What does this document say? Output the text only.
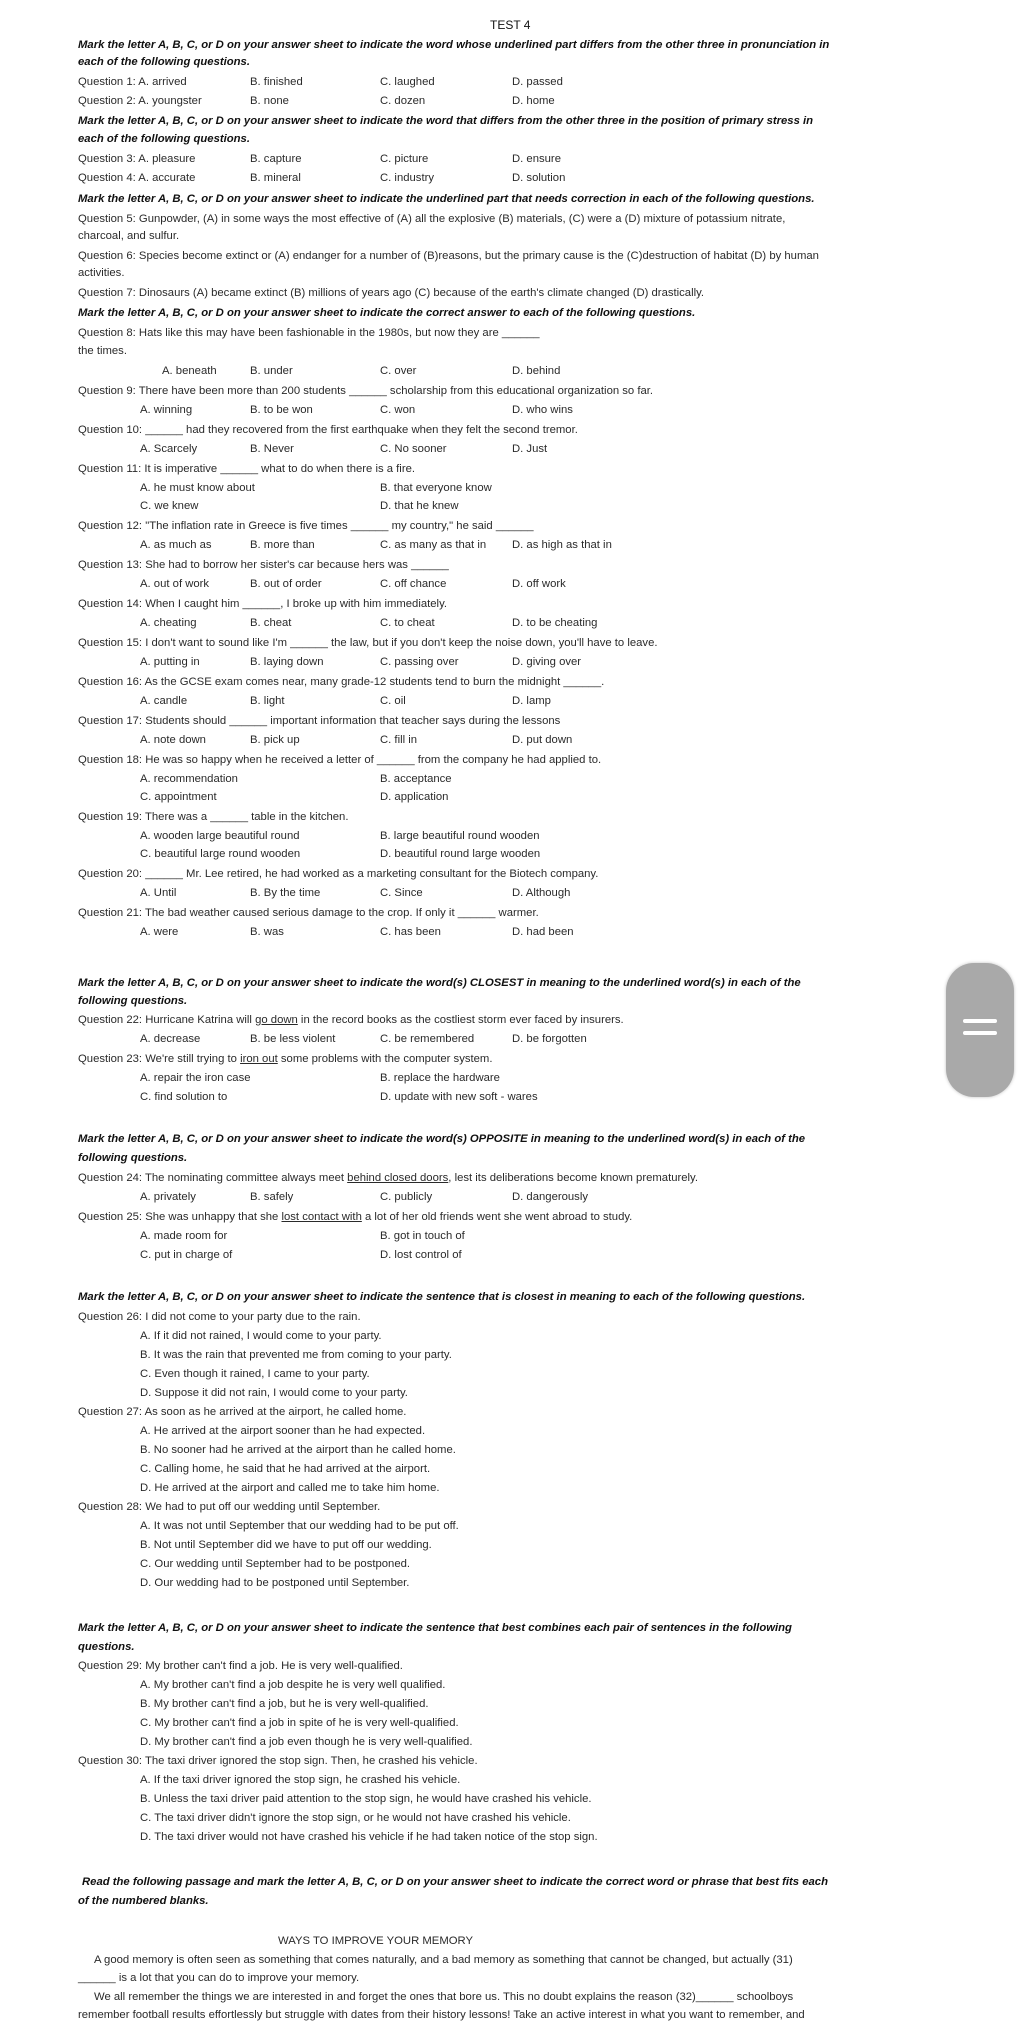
TEST 4
Mark the letter A, B, C, or D on your answer sheet to indicate the word whose underlined part differs from the other three in pronunciation in
each of the following questions.
Question 1: A. arrived	B. finished	C. laughed	D. passed
Question 2: A. youngster	B. none	C. dozen	D. home
Mark the letter A, B, C, or D on your answer sheet to indicate the word that differs from the other three in the position of primary stress in
each of the following questions.
Question 3: A. pleasure	B. capture	C. picture	D. ensure
Question 4: A. accurate	B. mineral	C. industry	D. solution
Mark the letter A, B, C, or D on your answer sheet to indicate the underlined part that needs correction in each of the following questions.
Question 5: Gunpowder, (A) in some ways the most effective of (A) all the explosive (B) materials, (C) were a (D) mixture of potassium nitrate,
charcoal, and sulfur.
Question 6: Species become extinct or (A) endanger for a number of (B)reasons, but the primary cause is the (C)destruction of habitat (D) by human
activities.
Question 7: Dinosaurs (A) became extinct (B) millions of years ago (C) because of the earth's climate changed (D) drastically.
Mark the letter A, B, C, or D on your answer sheet to indicate the correct answer to each of the following questions.
Question 8: Hats like this may have been fashionable in the 1980s, but now they are ______
the times.
A. beneath	B. under	C. over	D. behind
Question 9: There have been more than 200 students ______ scholarship from this educational organization so far.
A. winning	B. to be won	C. won	D. who wins
Question 10: ______ had they recovered from the first earthquake when they felt the second tremor.
A. Scarcely	B. Never	C. No sooner	D. Just
Question 11: It is imperative ______ what to do when there is a fire.
A. he must know about	B. that everyone know
C. we knew	D. that he knew
Question 12: "The inflation rate in Greece is five times ______ my country," he said ______
A. as much as	B. more than	C. as many as that in D. as high as that in
Question 13: She had to borrow her sister's car because hers was ______
A. out of work	B. out of order	C. off chance	D. off work
Question 14: When I caught him ______, I broke up with him immediately.
A. cheating	B. cheat	C. to cheat	D. to be cheating
Question 15: I don't want to sound like I'm ______ the law, but if you don't keep the noise down, you'll have to leave.
A. putting in	B. laying down	C. passing over	D. giving over
Question 16: As the GCSE exam comes near, many grade-12 students tend to burn the midnight ______.
A. candle	B. light	C. oil	D. lamp
Question 17: Students should ______ important information that teacher says during the lessons
A. note down	B. pick up	C. fill in	D. put down
Question 18: He was so happy when he received a letter of ______ from the company he had applied to.
A. recommendation	B. acceptance
C. appointment	D. application
Question 19: There was a ______ table in the kitchen.
A. wooden large beautiful round	B. large beautiful round wooden
C. beautiful large round wooden	D. beautiful round large wooden
Question 20: ______ Mr. Lee retired, he had worked as a marketing consultant for the Biotech company.
A. Until	B. By the time	C. Since	D. Although
Question 21: The bad weather caused serious damage to the crop. If only it ______ warmer.
A. were	B. was	C. has been	D. had been
Mark the letter A, B, C, or D on your answer sheet to indicate the word(s) CLOSEST in meaning to the underlined word(s) in each of the
following questions.
Question 22: Hurricane Katrina will go down in the record books as the costliest storm ever faced by insurers.
A. decrease	B. be less violent	C. be remembered	D. be forgotten
Question 23: We're still trying to iron out some problems with the computer system.
A. repair the iron case	B. replace the hardware
C. find solution to	D. update with new soft - wares
Mark the letter A, B, C, or D on your answer sheet to indicate the word(s) OPPOSITE in meaning to the underlined word(s) in each of the
following questions.
Question 24: The nominating committee always meet behind closed doors, lest its deliberations become known prematurely.
A. privately	B. safely	C. publicly	D. dangerously
Question 25: She was unhappy that she lost contact with a lot of her old friends went she went abroad to study.
A. made room for	B. got in touch of
C. put in charge of	D. lost control of
Mark the letter A, B, C, or D on your answer sheet to indicate the sentence that is closest in meaning to each of the following questions.
Question 26: I did not come to your party due to the rain.
A. If it did not rained, I would come to your party.
B. It was the rain that prevented me from coming to your party.
C. Even though it rained, I came to your party.
D. Suppose it did not rain, I would come to your party.
Question 27: As soon as he arrived at the airport, he called home.
A. He arrived at the airport sooner than he had expected.
B. No sooner had he arrived at the airport than he called home.
C. Calling home, he said that he had arrived at the airport.
D. He arrived at the airport and called me to take him home.
Question 28: We had to put off our wedding until September.
A. It was not until September that our wedding had to be put off.
B. Not until September did we have to put off our wedding.
C. Our wedding until September had to be postponed.
D. Our wedding had to be postponed until September.
Mark the letter A, B, C, or D on your answer sheet to indicate the sentence that best combines each pair of sentences in the following
questions.
Question 29: My brother can't find a job. He is very well-qualified.
A. My brother can't find a job despite he is very well qualified.
B. My brother can't find a job, but he is very well-qualified.
C. My brother can't find a job in spite of he is very well-qualified.
D. My brother can't find a job even though he is very well-qualified.
Question 30: The taxi driver ignored the stop sign. Then, he crashed his vehicle.
A. If the taxi driver ignored the stop sign, he crashed his vehicle.
B. Unless the taxi driver paid attention to the stop sign, he would have crashed his vehicle.
C. The taxi driver didn't ignore the stop sign, or he would not have crashed his vehicle.
D. The taxi driver would not have crashed his vehicle if he had taken notice of the stop sign.
Read the following passage and mark the letter A, B, C, or D on your answer sheet to indicate the correct word or phrase that best fits each
of the numbered blanks.
WAYS TO IMPROVE YOUR MEMORY
A good memory is often seen as something that comes naturally, and a bad memory as something that cannot be changed, but actually (31)
______ is a lot that you can do to improve your memory.
We all remember the things we are interested in and forget the ones that bore us. This no doubt explains the reason (32)______ schoolboys
remember football results effortlessly but struggle with dates from their history lessons! Take an active interest in what you want to remember, and
